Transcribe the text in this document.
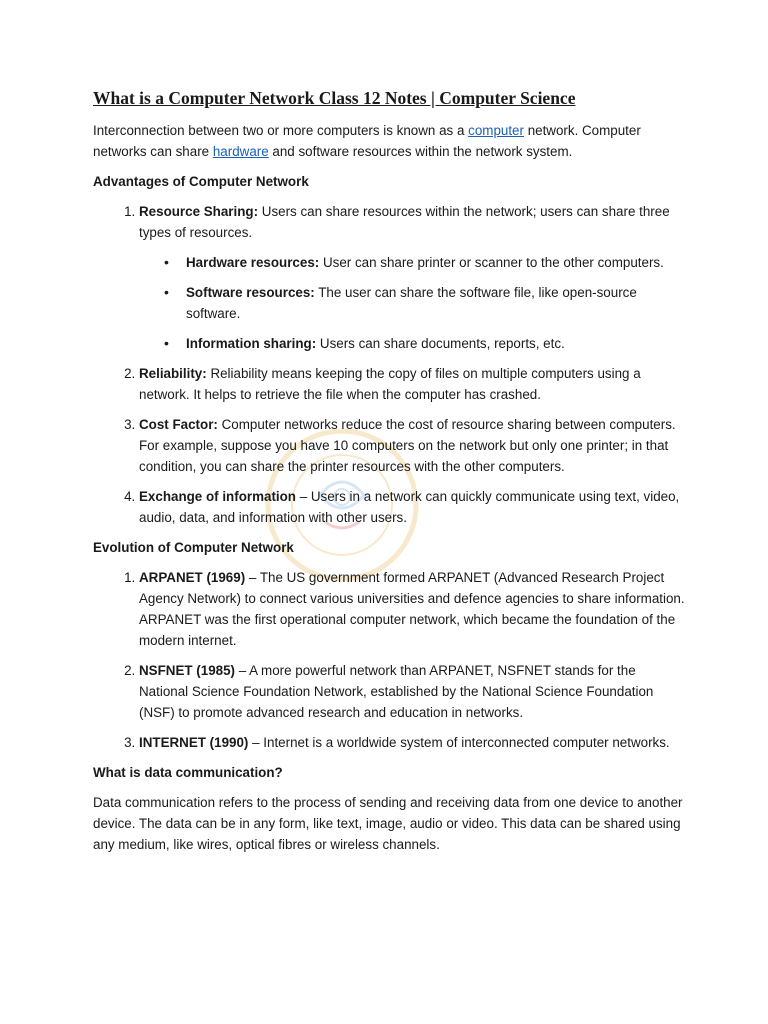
What is a Computer Network Class 12 Notes | Computer Science

Interconnection between two or more computers is known as a computer network. Computer networks can share hardware and software resources within the network system.

Advantages of Computer Network
1. Resource Sharing: Users can share resources within the network; users can share three types of resources.
• Hardware resources: User can share printer or scanner to the other computers.
• Software resources: The user can share the software file, like open-source software.
• Information sharing: Users can share documents, reports, etc.
2. Reliability: Reliability means keeping the copy of files on multiple computers using a network. It helps to retrieve the file when the computer has crashed.
3. Cost Factor: Computer networks reduce the cost of resource sharing between computers. For example, suppose you have 10 computers on the network but only one printer; in that condition, you can share the printer resources with the other computers.
4. Exchange of information – Users in a network can quickly communicate using text, video, audio, data, and information with other users.
Evolution of Computer Network
1. ARPANET (1969) – The US government formed ARPANET (Advanced Research Project Agency Network) to connect various universities and defence agencies to share information. ARPANET was the first operational computer network, which became the foundation of the modern internet.
2. NSFNET (1985) – A more powerful network than ARPANET, NSFNET stands for the National Science Foundation Network, established by the National Science Foundation (NSF) to promote advanced research and education in networks.
3. INTERNET (1990) – Internet is a worldwide system of interconnected computer networks.
What is data communication?

Data communication refers to the process of sending and receiving data from one device to another device. The data can be in any form, like text, image, audio or video. This data can be shared using any medium, like wires, optical fibres or wireless channels.
